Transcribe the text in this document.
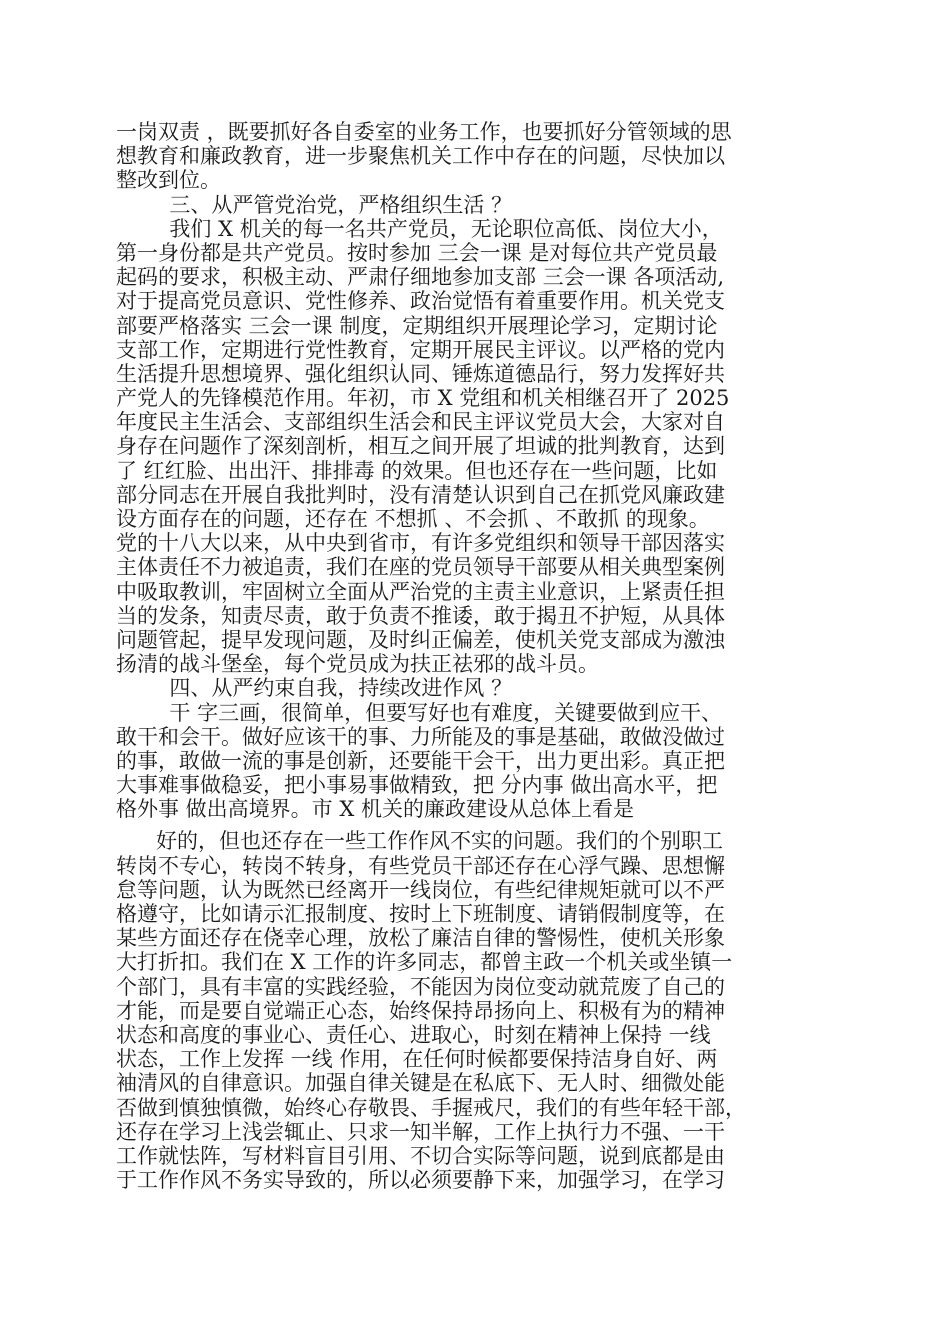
一岗双责 ，既要抓好各自委室的业务工作，也要抓好分管领域的思
想教育和廉政教育，进一步聚焦机关工作中存在的问题，尽快加以
整改到位。
三、从严管党治党，严格组织生活 ？
我们 X 机关的每一名共产党员，无论职位高低、岗位大小，
第一身份都是共产党员。按时参加 三会一课 是对每位共产党员最
起码的要求，积极主动、严肃仔细地参加支部 三会一课 各项活动,
对于提高党员意识、党性修养、政治觉悟有着重要作用。机关党支
部要严格落实 三会一课 制度，定期组织开展理论学习，定期讨论
支部工作，定期进行党性教育，定期开展民主评议。以严格的党内
生活提升思想境界、强化组织认同、锤炼道德品行，努力发挥好共
产党人的先锋模范作用。年初，市 X 党组和机关相继召开了 2025
年度民主生活会、支部组织生活会和民主评议党员大会，大家对自
身存在问题作了深刻剖析，相互之间开展了坦诚的批判教育，达到
了 红红脸、出出汗、排排毒 的效果。但也还存在一些问题，比如
部分同志在开展自我批判时，没有清楚认识到自己在抓党风廉政建
设方面存在的问题，还存在 不想抓 、不会抓 、不敢抓 的现象。
党的十八大以来，从中央到省市，有许多党组织和领导干部因落实
主体责任不力被追责，我们在座的党员领导干部要从相关典型案例
中吸取教训，牢固树立全面从严治党的主责主业意识，上紧责任担
当的发条，知责尽责，敢于负责不推诿，敢于揭丑不护短，从具体
问题管起，提早发现问题，及时纠正偏差，使机关党支部成为激浊
扬清的战斗堡垒，每个党员成为扶正祛邪的战斗员。
四、从严约束自我，持续改进作风 ？
干 字三画，很简单，但要写好也有难度，关键要做到应干、
敢干和会干。做好应该干的事、力所能及的事是基础，敢做没做过
的事，敢做一流的事是创新，还要能干会干，出力更出彩。真正把
大事难事做稳妥，把小事易事做精致，把 分内事 做出高水平，把
格外事 做出高境界。市 X 机关的廉政建设从总体上看是
好的，但也还存在一些工作作风不实的问题。我们的个别职工
转岗不专心，转岗不转身，有些党员干部还存在心浮气躁、思想懈
怠等问题，认为既然已经离开一线岗位，有些纪律规矩就可以不严
格遵守，比如请示汇报制度、按时上下班制度、请销假制度等，在
某些方面还存在侥幸心理，放松了廉洁自律的警惕性，使机关形象
大打折扣。我们在 X 工作的许多同志，都曾主政一个机关或坐镇一
个部门，具有丰富的实践经验，不能因为岗位变动就荒废了自己的
才能，而是要自觉端正心态，始终保持昂扬向上、积极有为的精神
状态和高度的事业心、责任心、进取心，时刻在精神上保持 一线
状态，工作上发挥 一线 作用，在任何时候都要保持洁身自好、两
袖清风的自律意识。加强自律关键是在私底下、无人时、细微处能
否做到慎独慎微，始终心存敬畏、手握戒尺，我们的有些年轻干部，
还存在学习上浅尝辄止、只求一知半解，工作上执行力不强、一干
工作就怯阵，写材料盲目引用、不切合实际等问题，说到底都是由
于工作作风不务实导致的，所以必须要静下来，加强学习，在学习
